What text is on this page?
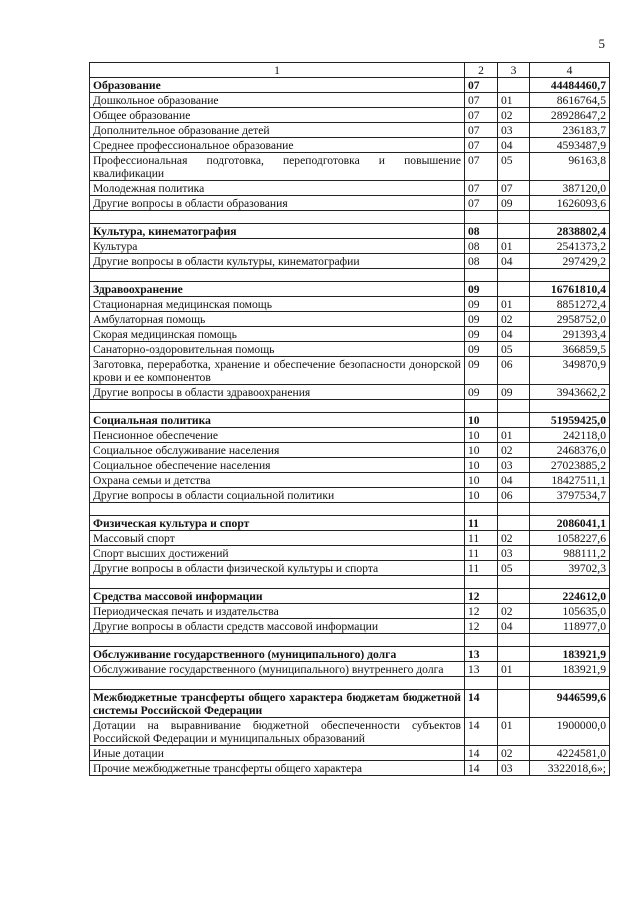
5
1	2	3	4
Образование	07		44484460,7
Дошкольное образование	07	01	8616764,5
Общее образование	07	02	28928647,2
Дополнительное образование детей	07	03	236183,7
Среднее профессиональное образование	07	04	4593487,9
Профессиональная подготовка, переподготовка и повышение квалификации	07	05	96163,8
Молодежная политика	07	07	387120,0
Другие вопросы в области образования	07	09	1626093,6

Культура, кинематография	08		2838802,4
Культура	08	01	2541373,2
Другие вопросы в области культуры, кинематографии	08	04	297429,2

Здравоохранение	09		16761810,4
Стационарная медицинская помощь	09	01	8851272,4
Амбулаторная помощь	09	02	2958752,0
Скорая медицинская помощь	09	04	291393,4
Санаторно-оздоровительная помощь	09	05	366859,5
Заготовка, переработка, хранение и обеспечение безопасности донорской крови и ее компонентов	09	06	349870,9
Другие вопросы в области здравоохранения	09	09	3943662,2

Социальная политика	10		51959425,0
Пенсионное обеспечение	10	01	242118,0
Социальное обслуживание населения	10	02	2468376,0
Социальное обеспечение населения	10	03	27023885,2
Охрана семьи и детства	10	04	18427511,1
Другие вопросы в области социальной политики	10	06	3797534,7

Физическая культура и спорт	11		2086041,1
Массовый спорт	11	02	1058227,6
Спорт высших достижений	11	03	988111,2
Другие вопросы в области физической культуры и спорта	11	05	39702,3

Средства массовой информации	12		224612,0
Периодическая печать и издательства	12	02	105635,0
Другие вопросы в области средств массовой информации	12	04	118977,0

Обслуживание государственного (муниципального) долга	13		183921,9
Обслуживание государственного (муниципального) внутреннего долга	13	01	183921,9

Межбюджетные трансферты общего характера бюджетам бюджетной системы Российской Федерации	14		9446599,6
Дотации на выравнивание бюджетной обеспеченности субъектов Российской Федерации и муниципальных образований	14	01	1900000,0
Иные дотации	14	02	4224581,0
Прочие межбюджетные трансферты общего характера	14	03	3322018,6»;
